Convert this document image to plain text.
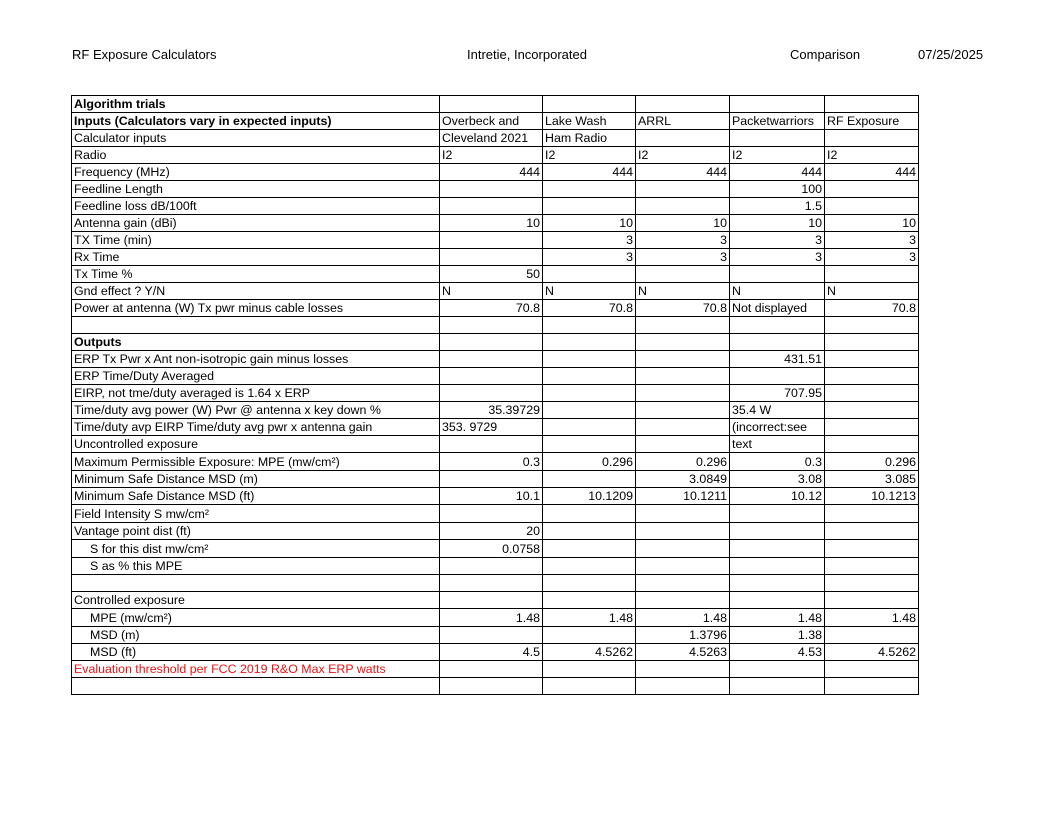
RF Exposure Calculators	Intretie, Incorporated	Comparison	07/25/2025
Algorithm trials					
Inputs (Calculators vary in expected inputs)	Overbeck and	Lake Wash	ARRL	Packetwarriors	RF Exposure
Calculator inputs	Cleveland 2021	Ham Radio			
Radio	I2	I2	I2	I2	I2
Frequency (MHz)	444	444	444	444	444
Feedline Length				100	
Feedline loss dB/100ft				1.5	
Antenna gain (dBi)	10	10	10	10	10
TX Time (min)		3	3	3	3
Rx Time		3	3	3	3
Tx Time %	50				
Gnd effect ? Y/N	N	N	N	N	N
Power at antenna (W) Tx pwr minus cable losses	70.8	70.8	70.8	Not displayed	70.8

Outputs					
ERP Tx Pwr x Ant non-isotropic gain minus losses				431.51	
ERP Time/Duty Averaged					
EIRP, not tme/duty averaged is 1.64 x ERP				707.95	
Time/duty avg power (W) Pwr @ antenna x key down %	35.39729			35.4 W	
Time/duty avp EIRP Time/duty avg pwr x antenna gain	353. 9729			(incorrect:see	
Uncontrolled exposure				text	
Maximum Permissible Exposure: MPE (mw/cm²)	0.3	0.296	0.296	0.3	0.296
Minimum Safe Distance MSD (m)			3.0849	3.08	3.085
Minimum Safe Distance MSD (ft)	10.1	10.1209	10.1211	10.12	10.1213
Field Intensity S mw/cm²					
Vantage point dist (ft)	20				
S for this dist mw/cm²	0.0758				
S as % this MPE					

Controlled exposure					
MPE (mw/cm²)	1.48	1.48	1.48	1.48	1.48
MSD (m)			1.3796	1.38	
MSD (ft)	4.5	4.5262	4.5263	4.53	4.5262
Evaluation threshold per FCC 2019 R&O Max ERP watts					
